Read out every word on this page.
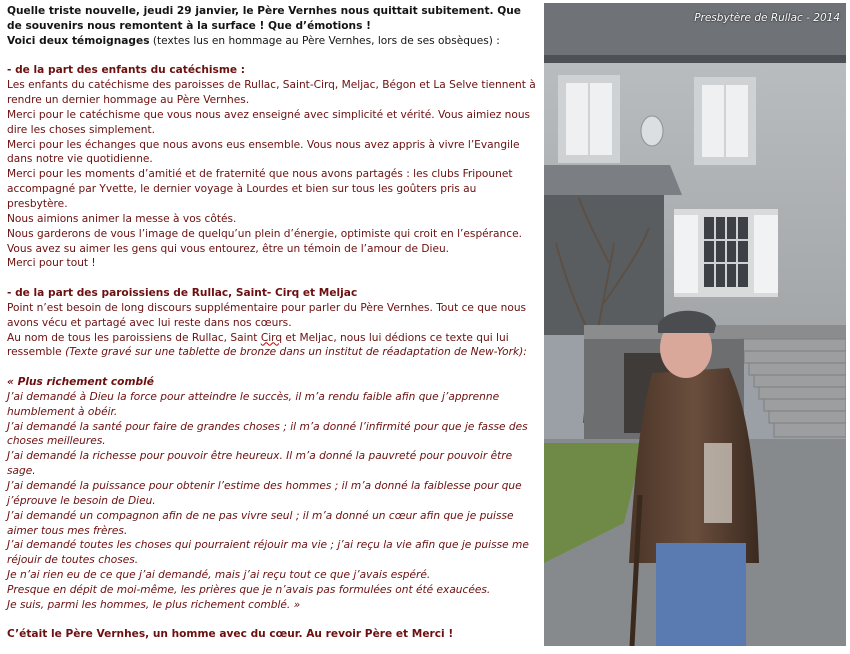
Quelle triste nouvelle, jeudi 29 janvier, le Père Vernhes nous quittait subitement. Que de souvenirs nous remontent à la surface ! Que d’émotions !

Voici deux témoignages (textes lus en hommage au Père Vernhes, lors de ses obsèques) :

- de la part des enfants du catéchisme :

Les enfants du catéchisme des paroisses de Rullac, Saint-Cirq, Meljac, Bégon et La Selve tiennent à rendre un dernier hommage au Père Vernhes.

Merci pour le catéchisme que vous nous avez enseigné avec simplicité et vérité. Vous aimiez nous dire les choses simplement.

Merci pour les échanges que nous avons eus ensemble. Vous nous avez appris à vivre l’Evangile dans notre vie quotidienne.

Merci pour les moments d’amitié et de fraternité que nous avons partagés : les clubs Fripounet accompagné par Yvette, le dernier voyage à Lourdes et bien sur tous les goûters pris au presbytère.

Nous aimions animer la messe à vos côtés.

Nous garderons de vous l’image de quelqu’un plein d’énergie, optimiste qui croit en l’espérance.

Vous avez su aimer les gens qui vous entourez, être un témoin de l’amour de Dieu.

Merci pour tout !

- de la part des paroissiens de Rullac, Saint- Cirq et Meljac

Point n’est besoin de long discours supplémentaire pour parler du Père Vernhes. Tout ce que nous avons vécu et partagé avec lui reste dans nos cœurs.

Au nom de tous les paroissiens de Rullac, Saint Cirq et Meljac, nous lui dédions ce texte qui lui ressemble (Texte gravé sur une tablette de bronze dans un institut de réadaptation de New-York):

« Plus richement comblé

J’ai demandé à Dieu la force pour atteindre le succès, il m’a rendu faible afin que j’apprenne humblement à obéir.

J’ai demandé la santé pour faire de grandes choses ; il m’a donné l’infirmité pour que je fasse des choses meilleures.

J’ai demandé la richesse pour pouvoir être heureux. Il m’a donné la pauvreté pour pouvoir être sage.

J’ai demandé la puissance pour obtenir l’estime des hommes ; il m’a donné la faiblesse pour que j’éprouve le besoin de Dieu.

J’ai demandé un compagnon afin de ne pas vivre seul ; il m’a donné un cœur afin que je puisse aimer tous mes frères.

J’ai demandé toutes les choses qui pourraient réjouir ma vie ; j’ai reçu la vie afin que je puisse me réjouir de toutes choses.

Je n’ai rien eu de ce que j’ai demandé, mais j’ai reçu tout ce que j’avais espéré.

Presque en dépit de moi-même, les prières que je n’avais pas formulées ont été exaucées.

Je suis, parmi les hommes, le plus richement comblé. »

C’était le Père Vernhes, un homme avec du cœur. Au revoir Père et Merci !

Presbytère de Rullac - 2014
